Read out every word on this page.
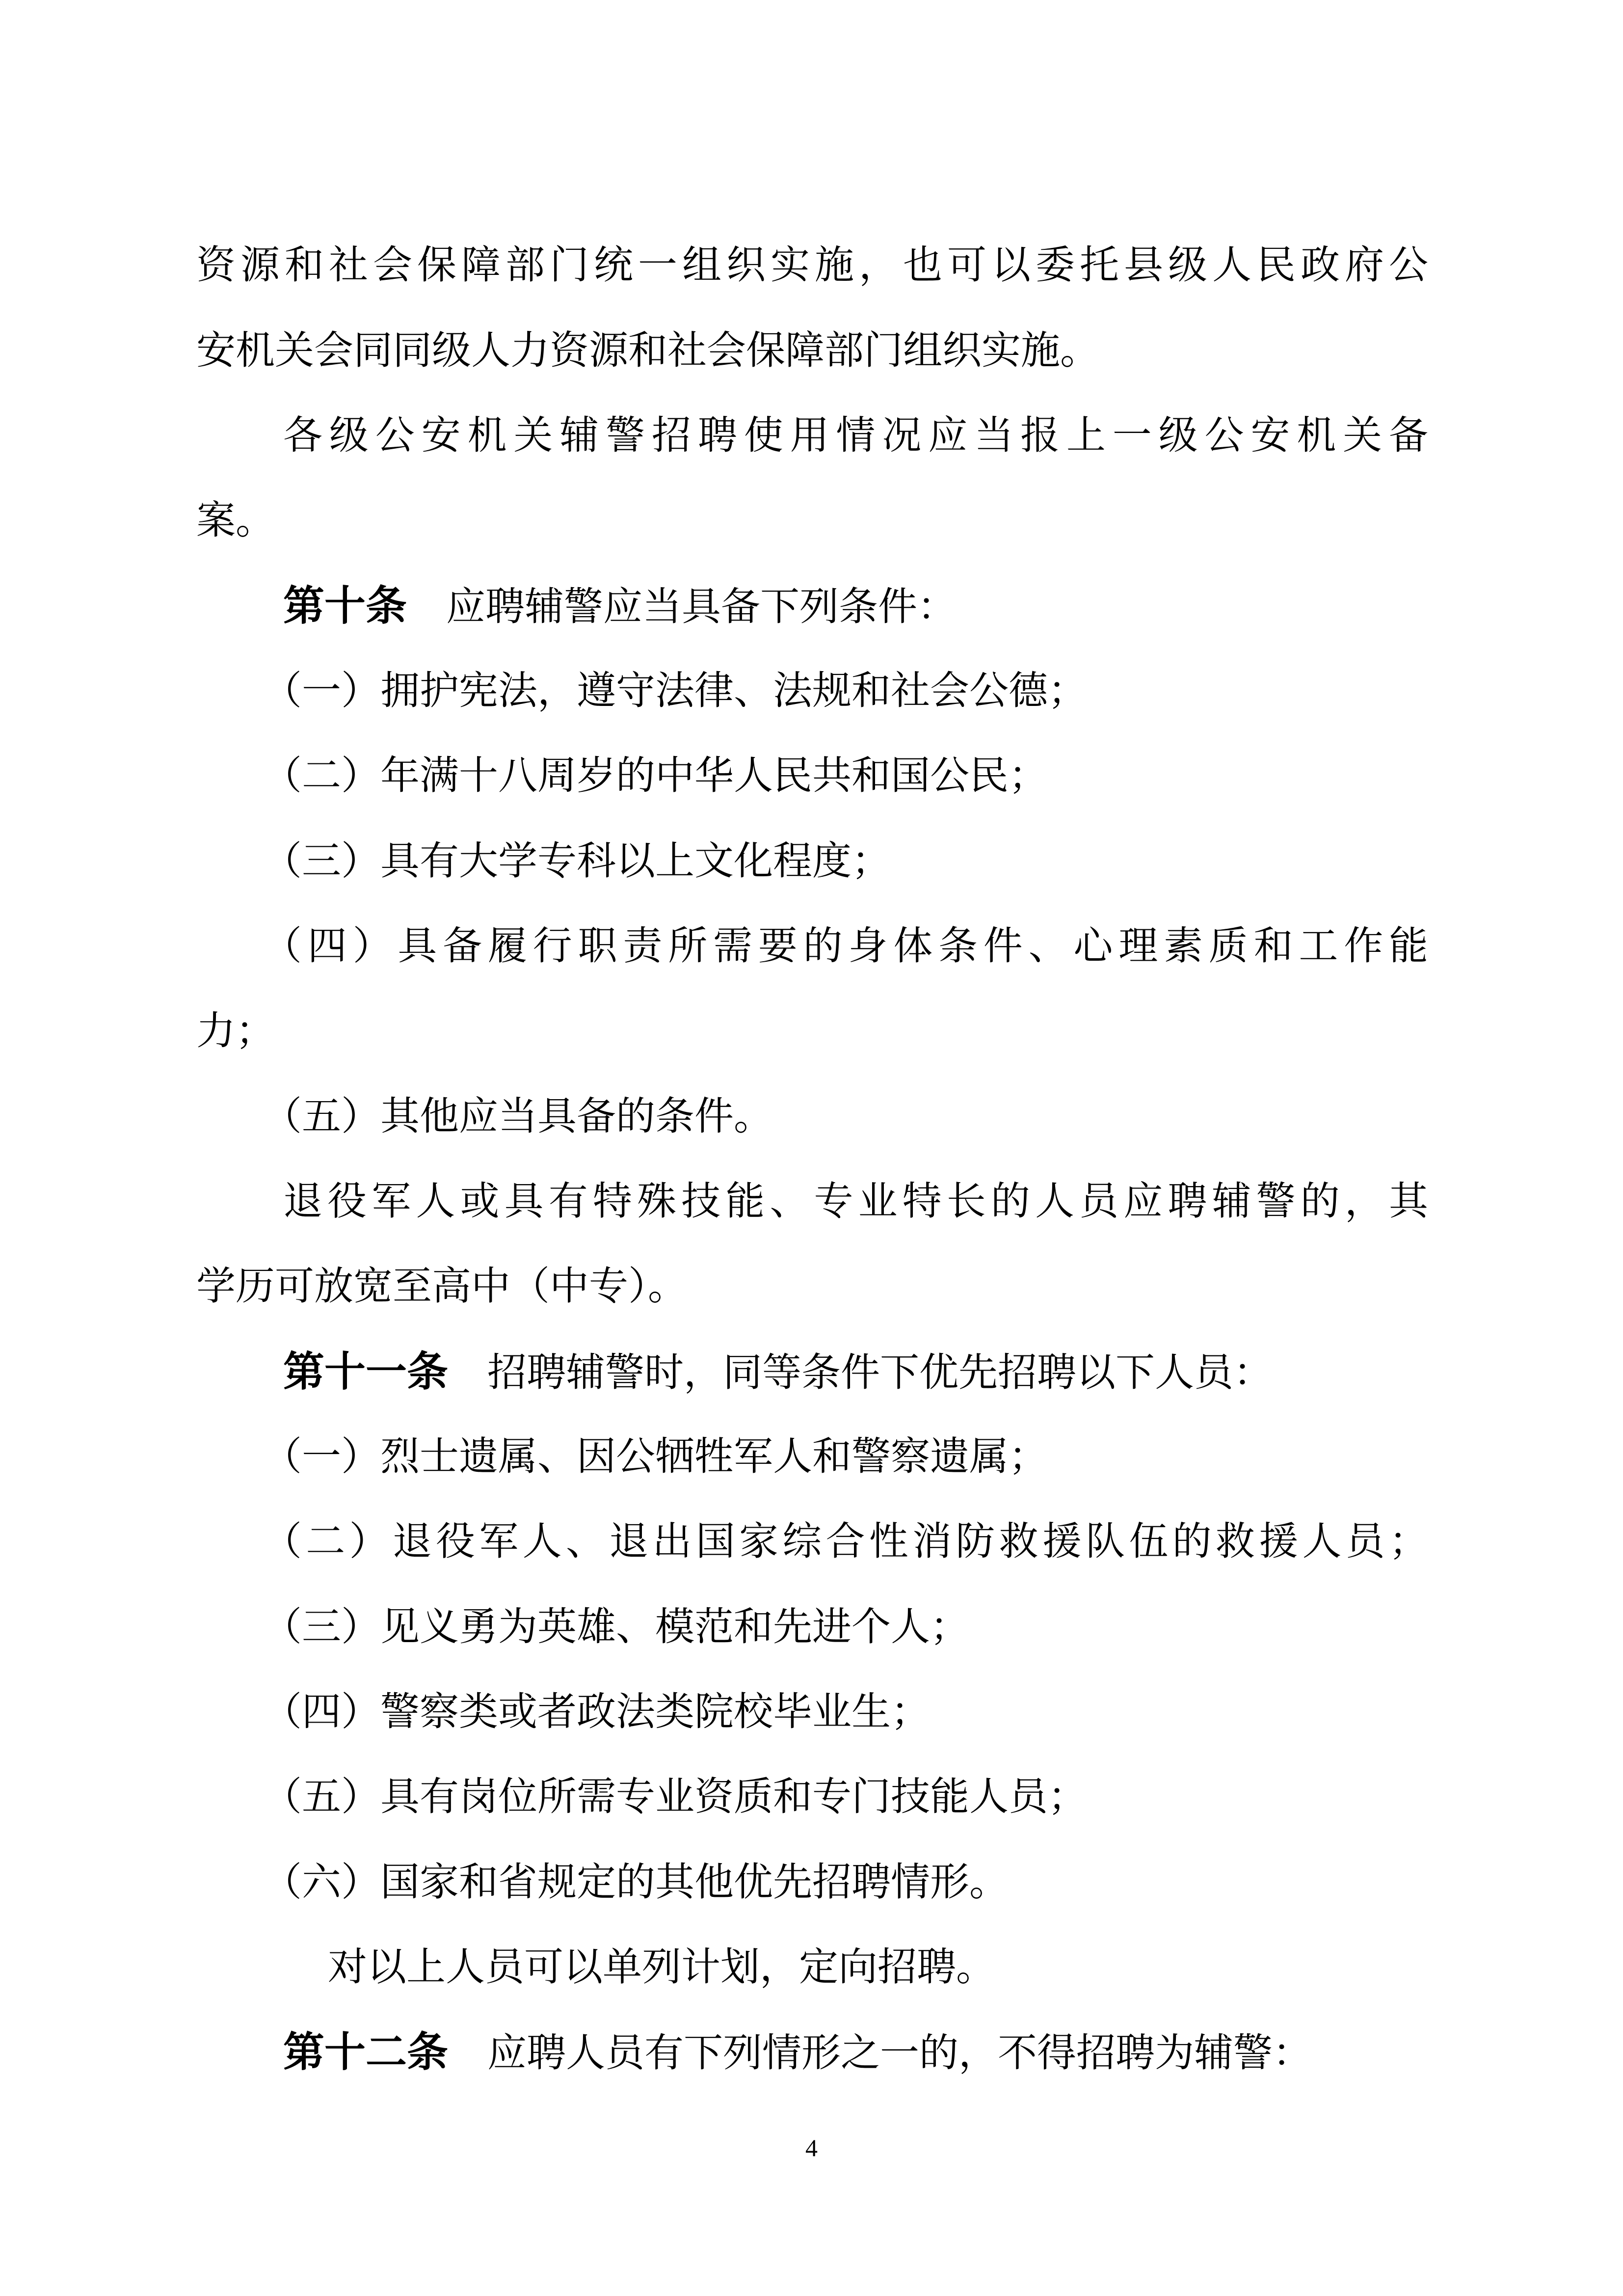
资源和社会保障部门统一组织实施，也可以委托县级人民政府公
安机关会同同级人力资源和社会保障部门组织实施。
各级公安机关辅警招聘使用情况应当报上一级公安机关备
案。
第十条 应聘辅警应当具备下列条件：
（一）拥护宪法，遵守法律、法规和社会公德；
（二）年满十八周岁的中华人民共和国公民；
（三）具有大学专科以上文化程度；
（四）具备履行职责所需要的身体条件、心理素质和工作能
力；
（五）其他应当具备的条件。
退役军人或具有特殊技能、专业特长的人员应聘辅警的，其
学历可放宽至高中（中专）。
第十一条 招聘辅警时，同等条件下优先招聘以下人员：
（一）烈士遗属、因公牺牲军人和警察遗属；
（二）退役军人、退出国家综合性消防救援队伍的救援人员；
（三）见义勇为英雄、模范和先进个人；
（四）警察类或者政法类院校毕业生；
（五）具有岗位所需专业资质和专门技能人员；
（六）国家和省规定的其他优先招聘情形。
对以上人员可以单列计划，定向招聘。
第十二条 应聘人员有下列情形之一的，不得招聘为辅警：
4
